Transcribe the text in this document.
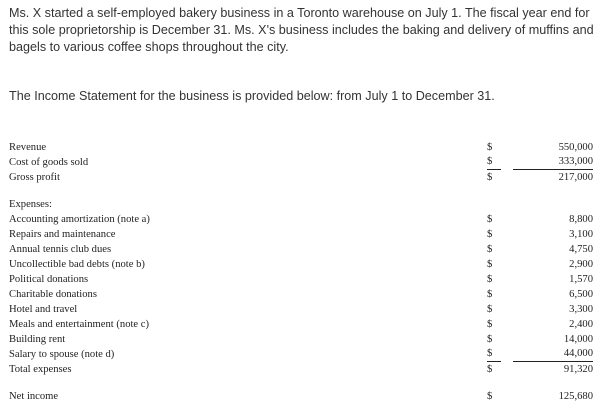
Ms. X started a self-employed bakery business in a Toronto warehouse on July 1. The fiscal year end for this sole proprietorship is December 31. Ms. X's business includes the baking and delivery of muffins and bagels to various coffee shops throughout the city.

The Income Statement for the business is provided below: from July 1 to December 31.

Revenue	$	550,000
Cost of goods sold	$	333,000
Gross profit	$	217,000
Expenses:
Accounting amortization (note a)	$	8,800
Repairs and maintenance	$	3,100
Annual tennis club dues	$	4,750
Uncollectible bad debts (note b)	$	2,900
Political donations	$	1,570
Charitable donations	$	6,500
Hotel and travel	$	3,300
Meals and entertainment (note c)	$	2,400
Building rent	$	14,000
Salary to spouse (note d)	$	44,000
Total expenses	$	91,320
Net income	$	125,680
